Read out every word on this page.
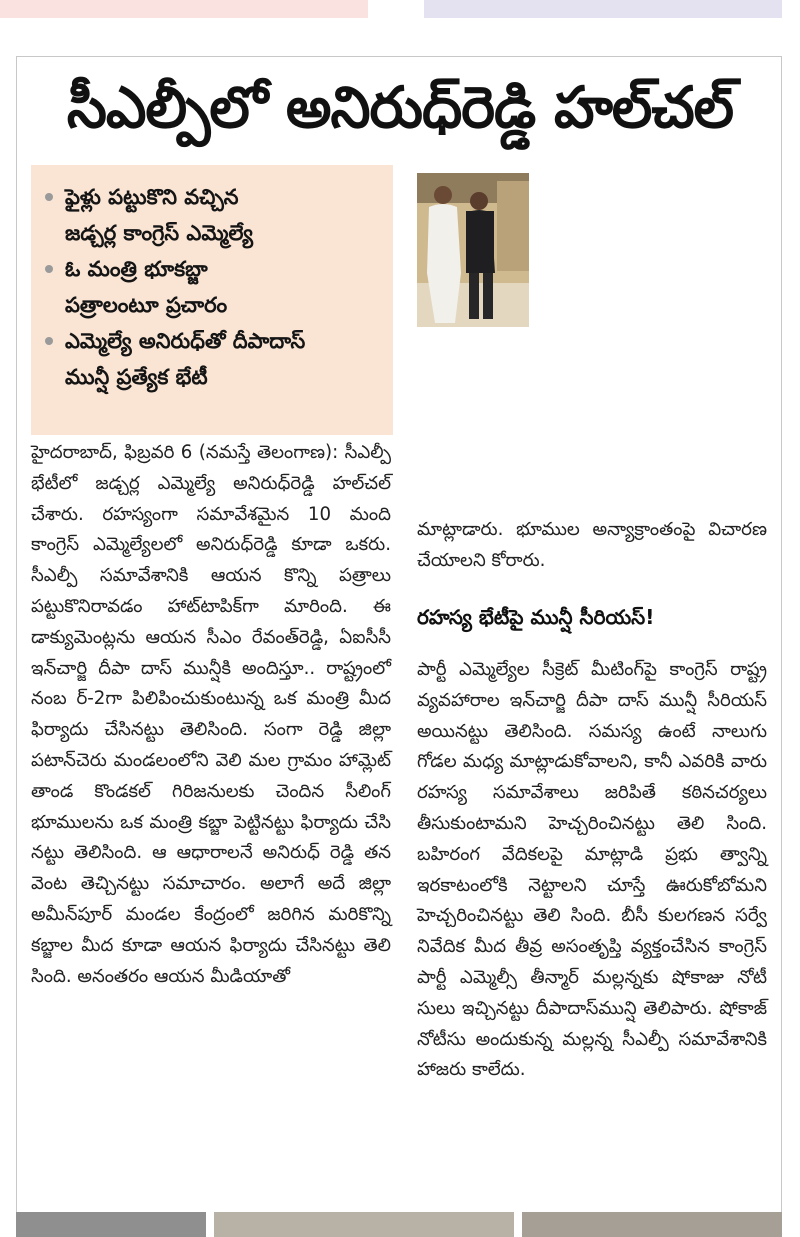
సీఎల్పీలో అనిరుధ్‌రెడ్డి హల్‌చల్‌
ఫైళ్లు పట్టుకొని వచ్చిన
జడ్చర్ల కాంగ్రెస్‌ ఎమ్మెల్యే
ఓ మంత్రి భూకబ్జా
పత్రాలంటూ ప్రచారం
ఎమ్మెల్యే అనిరుధ్‌తో దీపాదాస్‌
మున్షీ ప్రత్యేక భేటీ
హైదరాబాద్‌, ఫిబ్రవరి 6 (నమస్తే తెలంగాణ): సీఎల్పీ భేటీలో జడ్చర్ల ఎమ్మెల్యే అనిరుధ్‌రెడ్డి హల్‌చల్‌ చేశారు. రహస్యంగా సమావేశమైన 10 మంది కాంగ్రెస్‌ ఎమ్మెల్యేలలో అనిరుధ్‌రెడ్డి కూడా ఒకరు. సీఎల్పీ సమావేశానికి ఆయన కొన్ని పత్రాలు పట్టుకొనిరావడం హాట్‌టాపిక్‌గా మారింది. ఈ డాక్యుమెంట్లను ఆయన సీఎం రేవంత్‌రెడ్డి, ఏఐసీసీ ఇన్‌చార్జి దీపా దాస్‌ మున్షీకి అందిస్తూ.. రాష్ట్రంలో నంబ ర్‌-2గా పిలిపించుకుంటున్న ఒక మంత్రి మీద ఫిర్యాదు చేసినట్టు తెలిసింది. సంగా రెడ్డి జిల్లా పటాన్‌చెరు మండలంలోని వెలి మల గ్రామం హామ్లెట్‌ తాండ కొండకల్‌ గిరిజనులకు చెందిన సీలింగ్‌ భూములను ఒక మంత్రి కబ్జా పెట్టినట్టు ఫిర్యాదు చేసి నట్టు తెలిసింది. ఆ ఆధారాలనే అనిరుధ్‌ రెడ్డి తన వెంట తెచ్చినట్టు సమాచారం. అలాగే అదే జిల్లా అమీన్‌పూర్‌ మండల కేంద్రంలో జరిగిన మరికొన్ని కబ్జాల మీద కూడా ఆయన ఫిర్యాదు చేసినట్టు తెలి సింది. అనంతరం ఆయన మీడియాతో
మాట్లాడారు. భూముల అన్యాక్రాంతంపై విచారణ చేయాలని కోరారు.
రహస్య భేటీపై మున్షీ సీరియస్‌!
పార్టీ ఎమ్మెల్యేల సీక్రెట్‌ మీటింగ్‌పై కాంగ్రెస్‌ రాష్ట్ర వ్యవహారాల ఇన్‌చార్జి దీపా దాస్‌ మున్షీ సీరియస్‌ అయినట్టు తెలిసింది. సమస్య ఉంటే నాలుగు గోడల మధ్య మాట్లాడుకోవాలని, కానీ ఎవరికి వారు రహస్య సమావేశాలు జరిపితే కఠినచర్యలు తీసుకుంటామని హెచ్చరించినట్టు తెలి సింది. బహిరంగ వేదికలపై మాట్లాడి ప్రభు త్వాన్ని ఇరకాటంలోకి నెట్టాలని చూస్తే ఊరుకోబోమని హెచ్చరించినట్టు తెలి సింది. బీసీ కులగణన సర్వే నివేదిక మీద తీవ్ర అసంతృప్తి వ్యక్తంచేసిన కాంగ్రెస్‌ పార్టీ ఎమ్మెల్సీ తీన్మార్‌ మల్లన్నకు షోకాజు నోటీ సులు ఇచ్చినట్టు దీపాదాస్‌మున్షి తెలిపారు. షోకాజ్‌ నోటీసు అందుకున్న మల్లన్న సీఎల్పీ సమావేశానికి హాజరు కాలేదు.
